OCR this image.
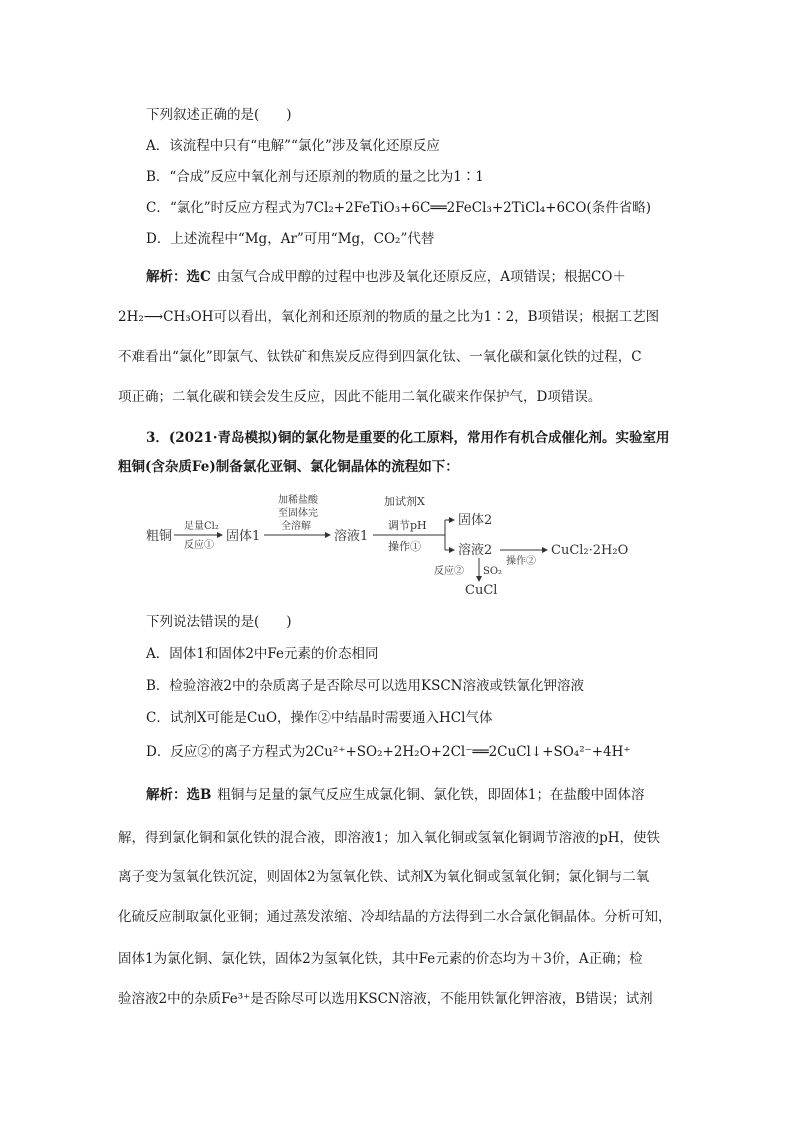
下列叙述正确的是(　　)
A．该流程中只有“电解”“氯化”涉及氧化还原反应
B．“合成”反应中氧化剂与还原剂的物质的量之比为1∶1
C．“氯化”时反应方程式为7Cl₂+2FeTiO₃+6C══2FeCl₃+2TiCl₄+6CO(条件省略)
D．上述流程中“Mg，Ar”可用“Mg，CO₂”代替
解析：选C 由氢气合成甲醇的过程中也涉及氧化还原反应，A项错误；根据CO＋
2H₂⟶CH₃OH可以看出，氧化剂和还原剂的物质的量之比为1∶2，B项错误；根据工艺图
不难看出“氯化”即氯气、钛铁矿和焦炭反应得到四氯化钛、一氧化碳和氯化铁的过程，C
项正确；二氧化碳和镁会发生反应，因此不能用二氧化碳来作保护气，D项错误。
3．(2021·青岛模拟)铜的氯化物是重要的化工原料，常用作有机合成催化剂。实验室用
粗铜(含杂质Fe)制备氯化亚铜、氯化铜晶体的流程如下：
粗铜	固体1	溶液1
固体2
溶液2	CuCl₂·2H₂O
CuCl
足量Cl₂
反应①
加稀盐酸
至固体完
全溶解
加试剂X
调节pH
操作①
操作②
反应② SO₂
下列说法错误的是(　　)
A．固体1和固体2中Fe元素的价态相同
B．检验溶液2中的杂质离子是否除尽可以选用KSCN溶液或铁氰化钾溶液
C．试剂X可能是CuO，操作②中结晶时需要通入HCl气体
D．反应②的离子方程式为2Cu²⁺+SO₂+2H₂O+2Cl⁻══2CuCl↓+SO₄²⁻+4H⁺
解析：选B 粗铜与足量的氯气反应生成氯化铜、氯化铁，即固体1；在盐酸中固体溶
解，得到氯化铜和氯化铁的混合液，即溶液1；加入氧化铜或氢氧化铜调节溶液的pH，使铁
离子变为氢氧化铁沉淀，则固体2为氢氧化铁、试剂X为氧化铜或氢氧化铜；氯化铜与二氧
化硫反应制取氯化亚铜；通过蒸发浓缩、冷却结晶的方法得到二水合氯化铜晶体。分析可知，
固体1为氯化铜、氯化铁，固体2为氢氧化铁，其中Fe元素的价态均为＋3价，A正确；检
验溶液2中的杂质Fe³⁺是否除尽可以选用KSCN溶液，不能用铁氰化钾溶液，B错误；试剂
